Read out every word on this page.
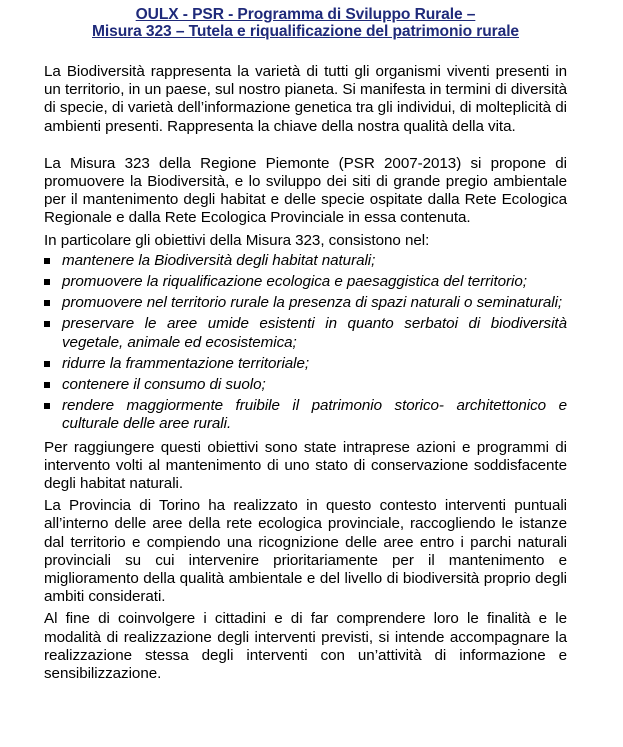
OULX - PSR - Programma di Sviluppo Rurale –
Misura 323 – Tutela e riqualificazione del patrimonio rurale

La Biodiversità rappresenta la varietà di tutti gli organismi viventi presenti in un territorio, in un paese, sul nostro pianeta. Si manifesta in termini di diversità di specie, di varietà dell’informazione genetica tra gli individui, di molteplicità di ambienti presenti. Rappresenta la chiave della nostra qualità della vita.

La Misura 323 della Regione Piemonte (PSR 2007-2013) si propone di promuovere la Biodiversità, e lo sviluppo dei siti di grande pregio ambientale per il mantenimento degli habitat e delle specie ospitate dalla Rete Ecologica Regionale e dalla Rete Ecologica Provinciale in essa contenuta.

In particolare gli obiettivi della Misura 323, consistono nel:

mantenere la Biodiversità degli habitat naturali;
promuovere la riqualificazione ecologica e paesaggistica del territorio;
promuovere nel territorio rurale la presenza di spazi naturali o seminaturali;
preservare le aree umide esistenti in quanto serbatoi di biodiversità vegetale, animale ed ecosistemica;
ridurre la frammentazione territoriale;
contenere il consumo di suolo;
rendere maggiormente fruibile il patrimonio storico- architettonico e culturale delle aree rurali.

Per raggiungere questi obiettivi sono state intraprese azioni e programmi di intervento volti al mantenimento di uno stato di conservazione soddisfacente degli habitat naturali.

La Provincia di Torino ha realizzato in questo contesto interventi puntuali all’interno delle aree della rete ecologica provinciale, raccogliendo le istanze dal territorio e compiendo una ricognizione delle aree entro i parchi naturali provinciali su cui intervenire prioritariamente per il mantenimento e miglioramento della qualità ambientale e del livello di biodiversità proprio degli ambiti considerati.

Al fine di coinvolgere i cittadini e di far comprendere loro le finalità e le modalità di realizzazione degli interventi previsti, si intende accompagnare la realizzazione stessa degli interventi con un’attività di informazione e sensibilizzazione.
